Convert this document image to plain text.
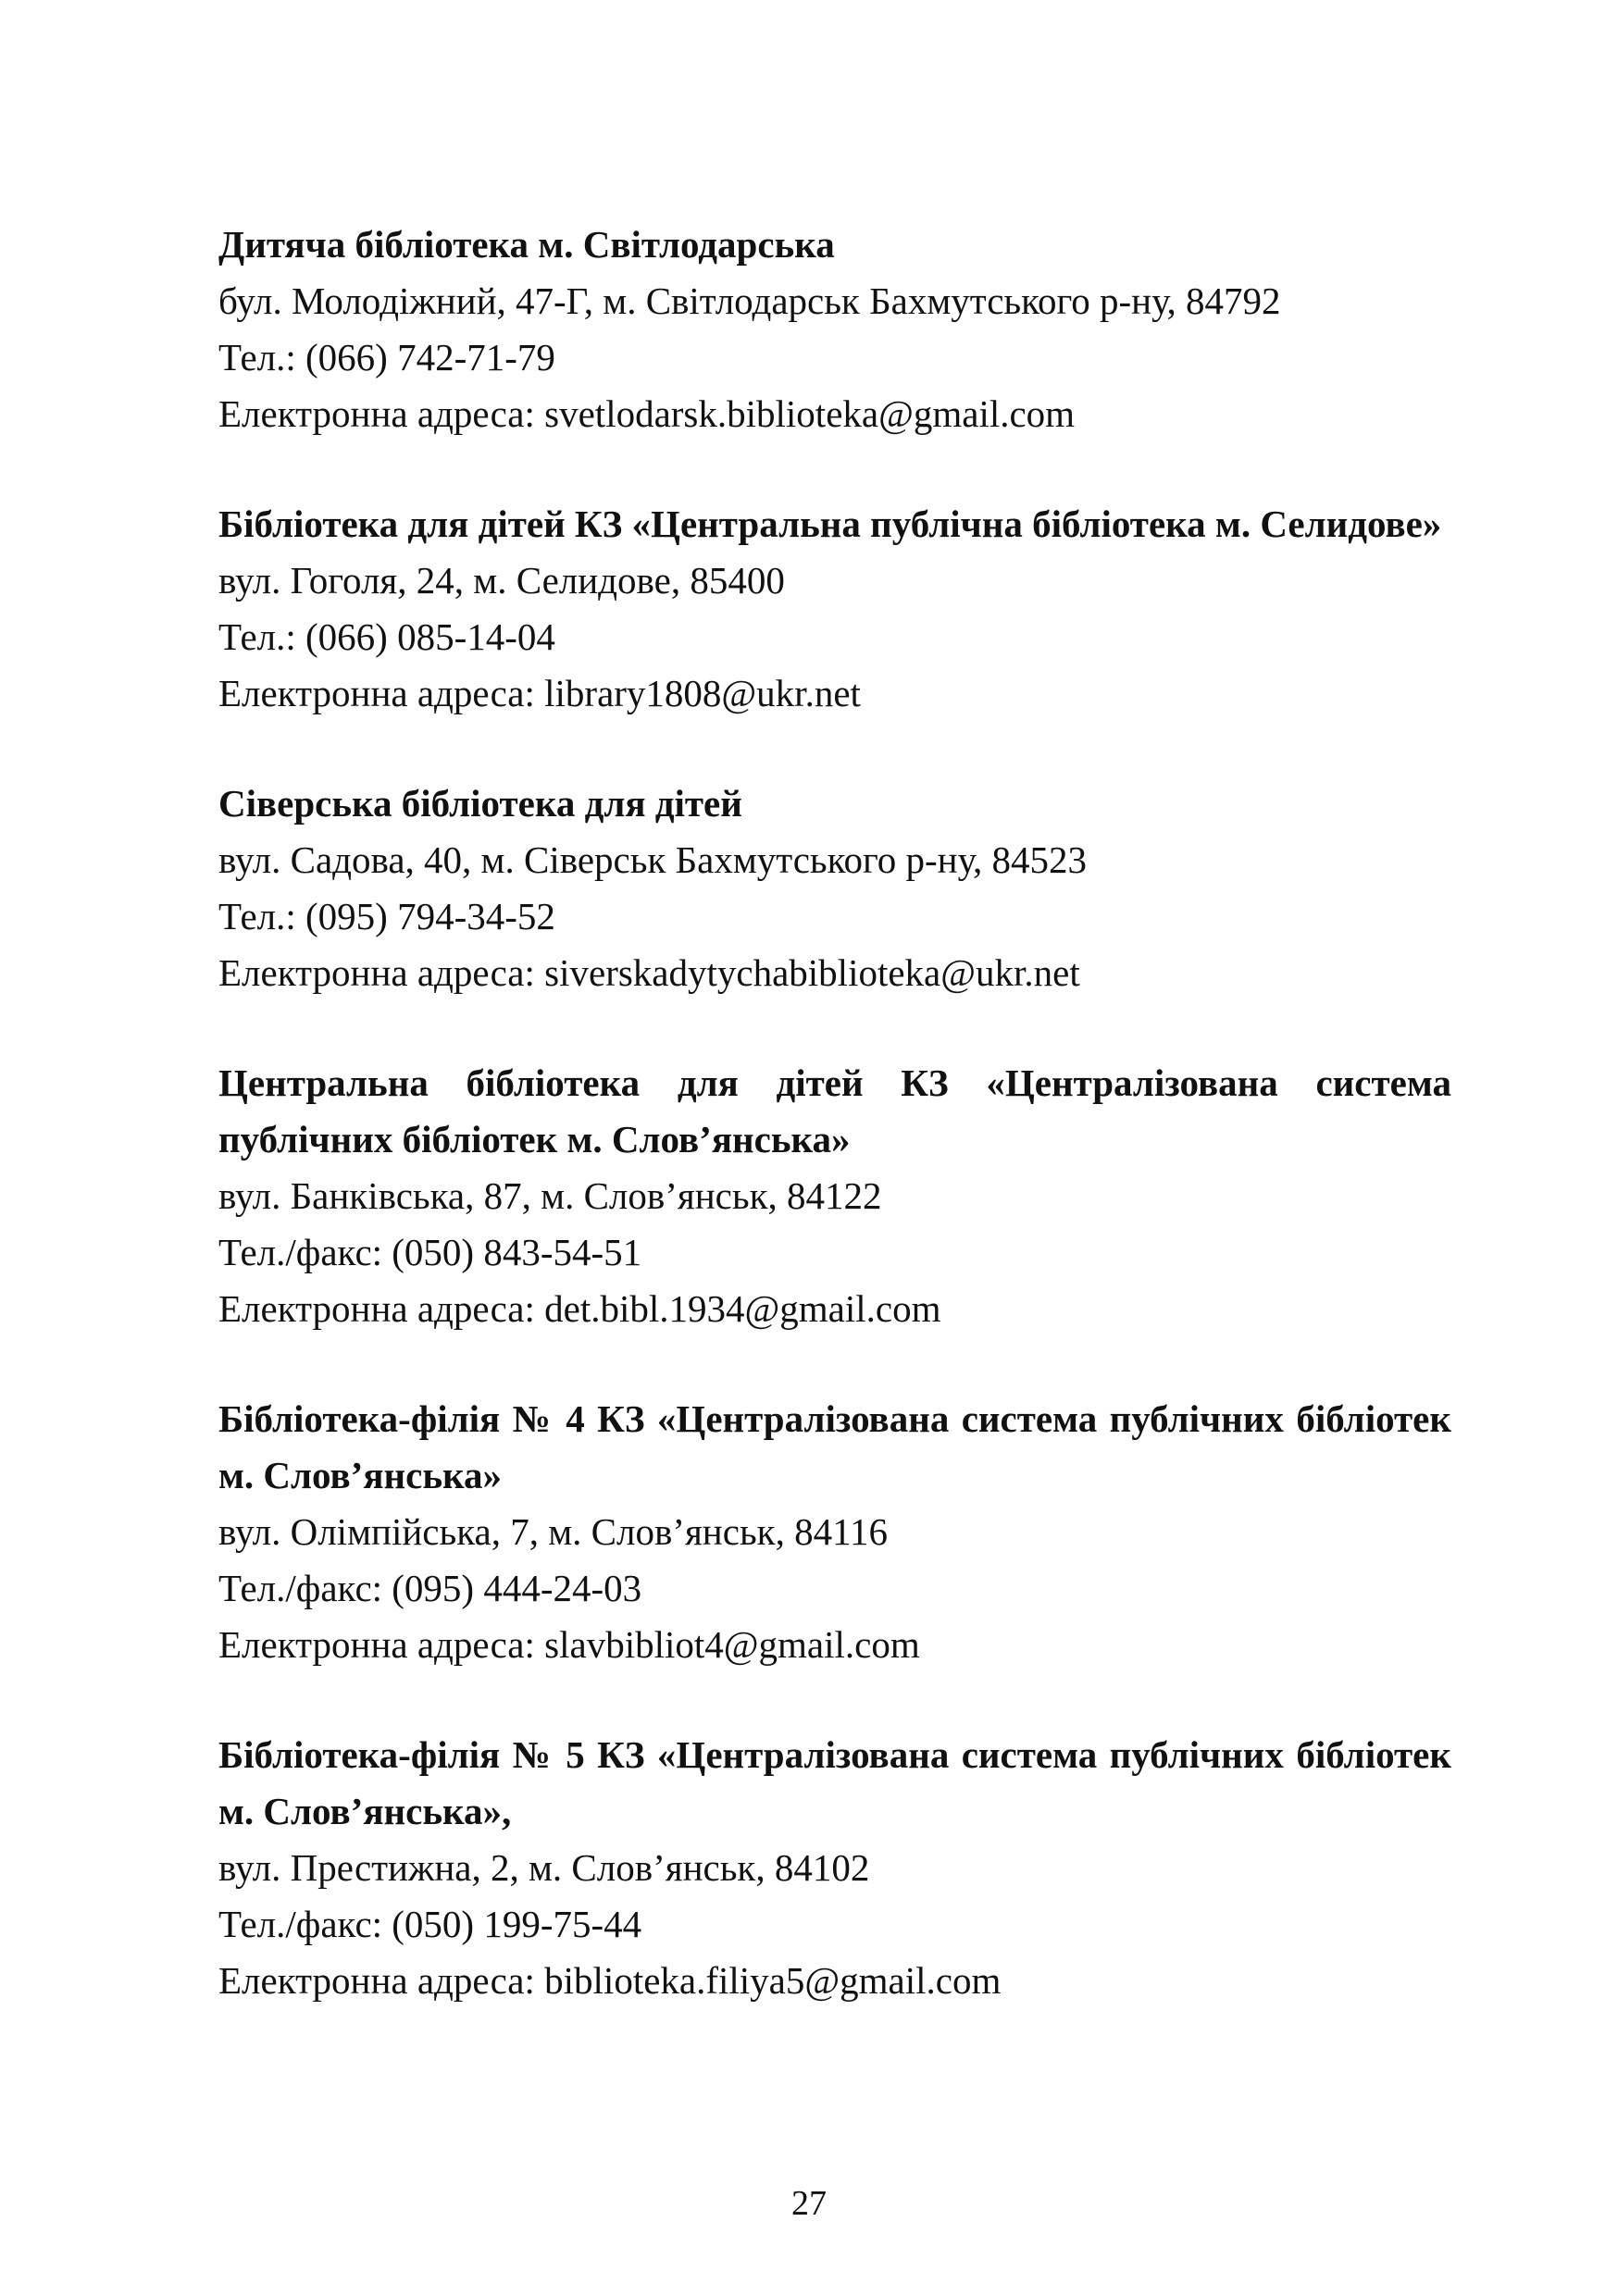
Дитяча бібліотека м. Світлодарська

бул. Молодіжний, 47-Г, м. Світлодарськ Бахмутського р-ну, 84792

Тел.: (066) 742-71-79

Електронна адреса: svetlodarsk.biblioteka@gmail.com

Бібліотека для дітей КЗ «Центральна публічна бібліотека м. Селидове»

вул. Гоголя, 24, м. Селидове, 85400

Тел.: (066) 085-14-04

Електронна адреса: library1808@ukr.net

Сіверська бібліотека для дітей

вул. Садова, 40, м. Сіверськ Бахмутського р-ну, 84523

Тел.: (095) 794-34-52

Електронна адреса: siverskadytychabiblioteka@ukr.net

Центральна бібліотека для дітей КЗ «Централізована система публічних бібліотек м. Слов’янська»

вул. Банківська, 87, м. Слов’янськ, 84122

Тел./факс: (050) 843-54-51

Електронна адреса: det.bibl.1934@gmail.com

Бібліотека-філія № 4 КЗ «Централізована система публічних бібліотек м. Слов’янська»

вул. Олімпійська, 7, м. Слов’янськ, 84116

Тел./факс: (095) 444-24-03

Електронна адреса: slavbibliot4@gmail.com

Бібліотека-філія № 5 КЗ «Централізована система публічних бібліотек м. Слов’янська»,

вул. Престижна, 2, м. Слов’янськ, 84102

Тел./факс: (050) 199-75-44

Електронна адреса: biblioteka.filiya5@gmail.com

27
